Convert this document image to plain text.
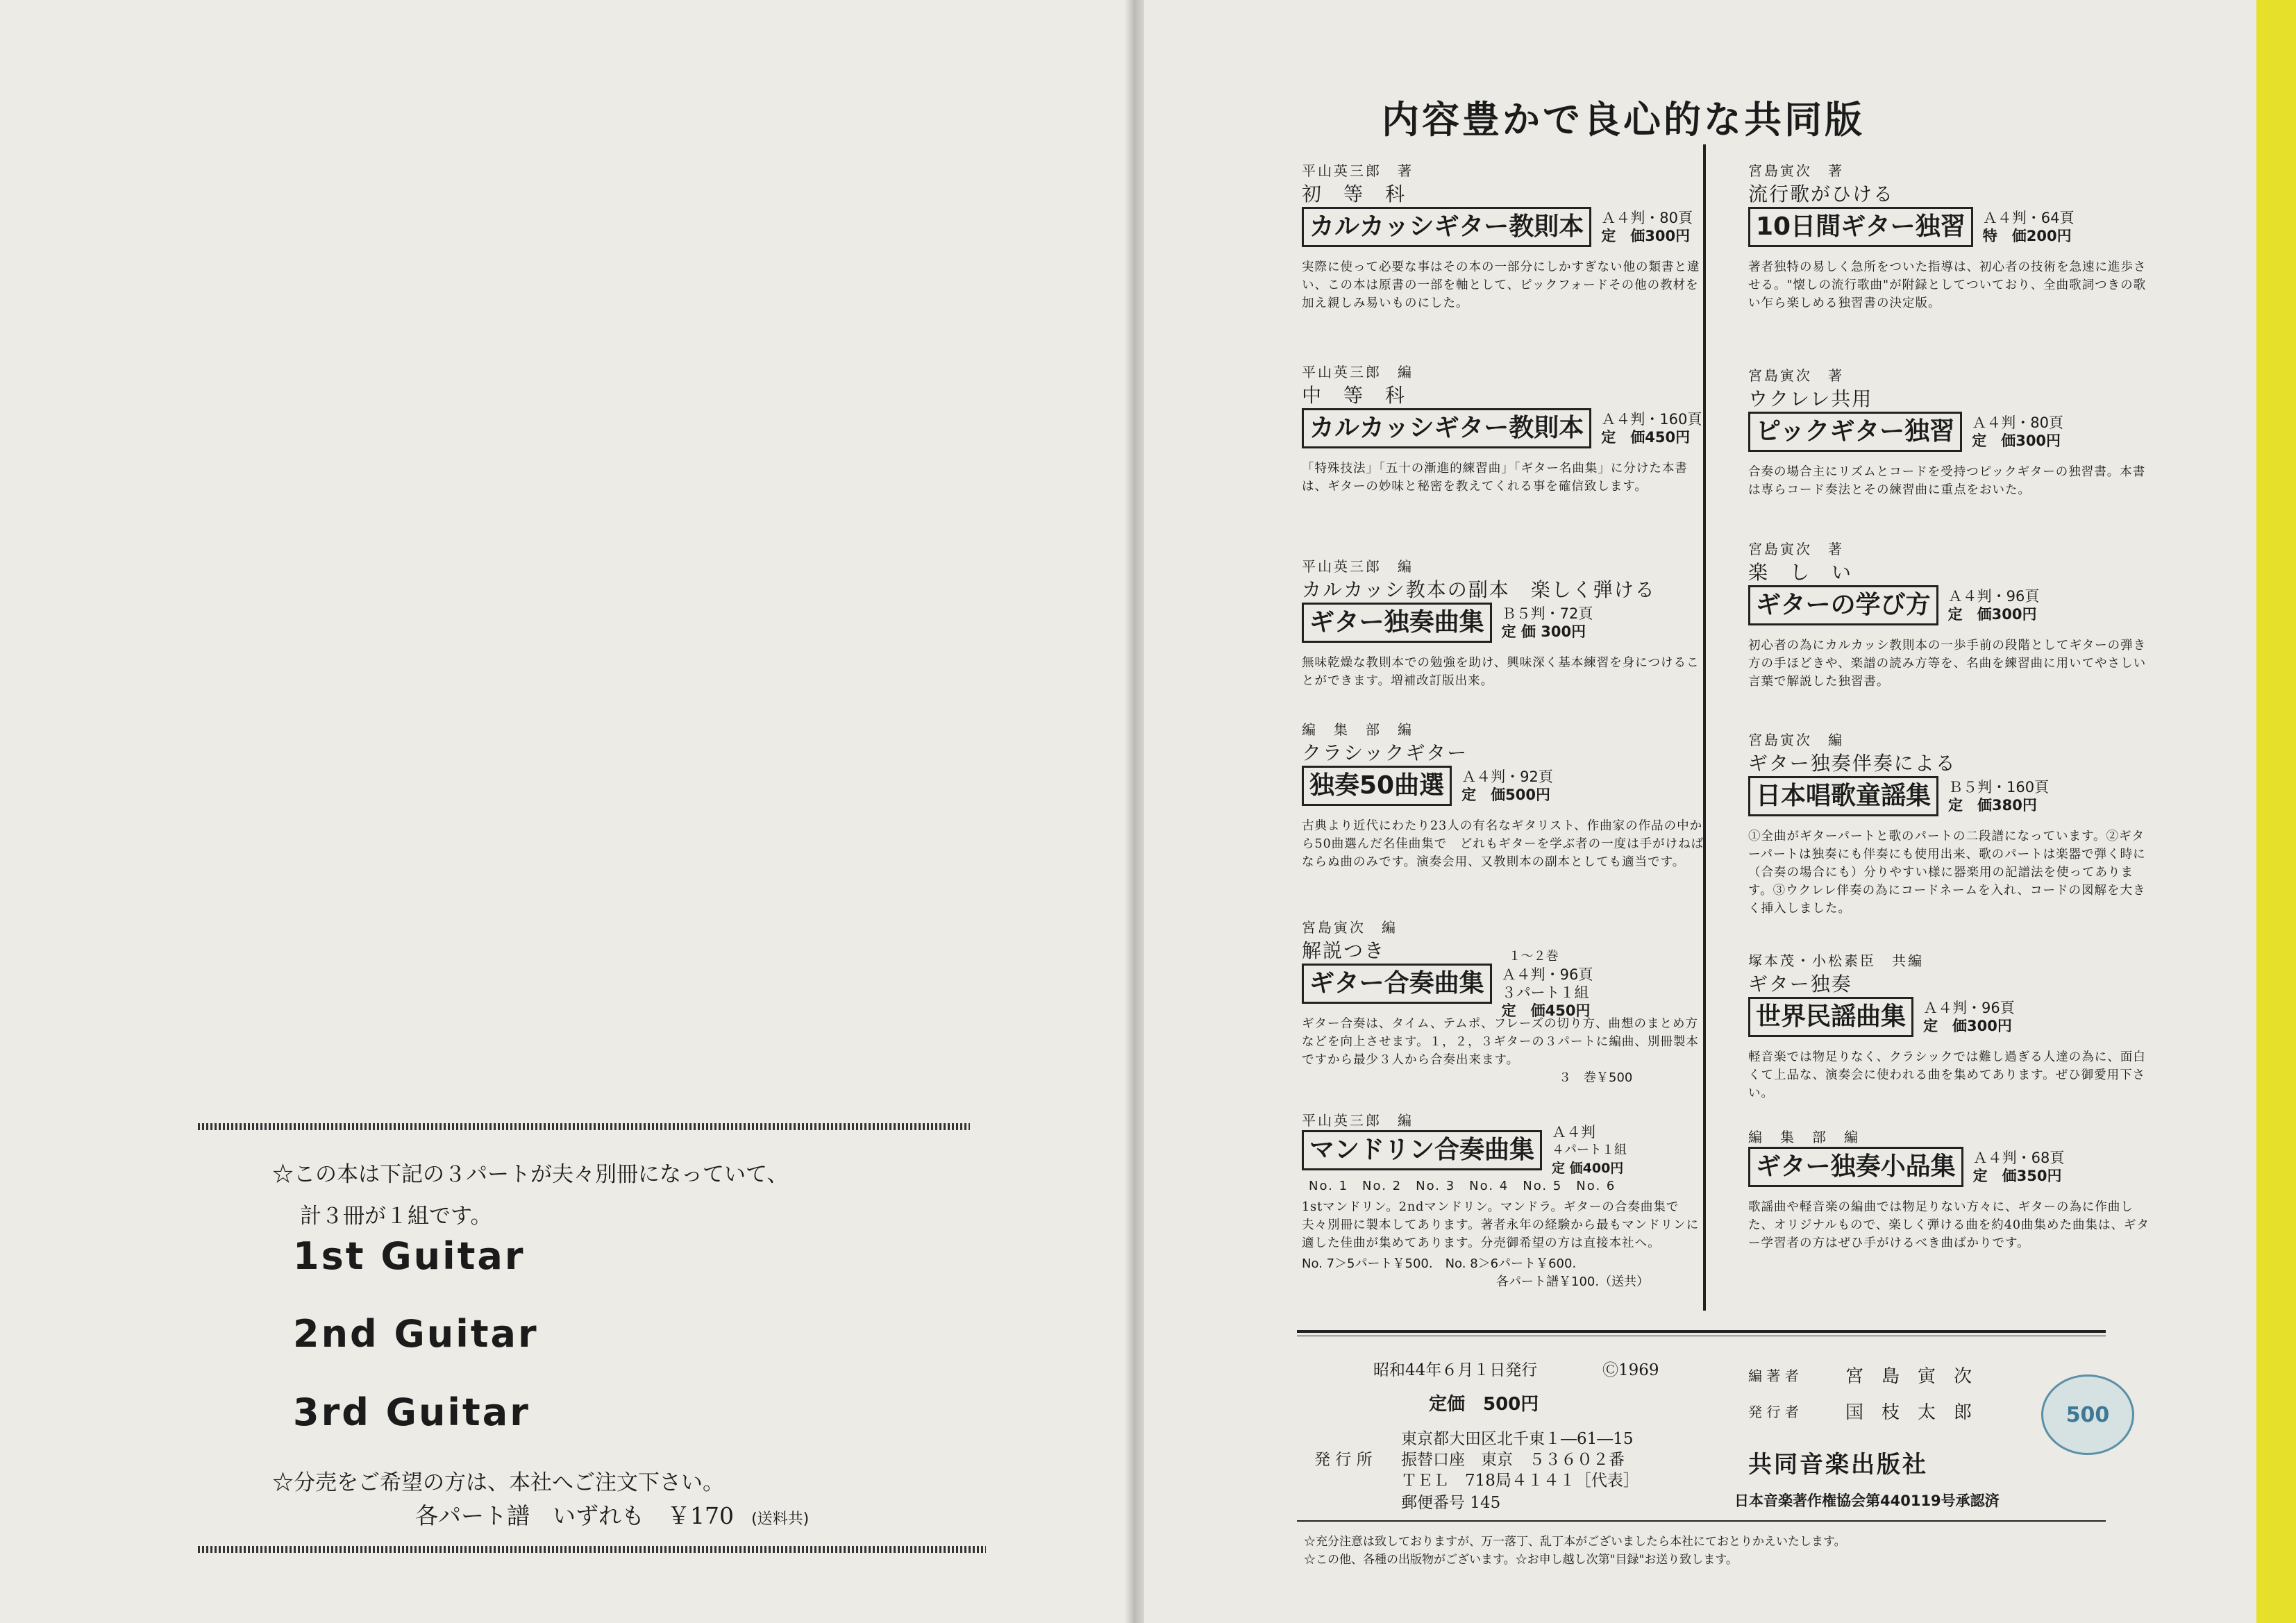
☆この本は下記の３パートが夫々別冊になっていて、
計３冊が１組です。
1st Guitar
2nd Guitar
3rd Guitar
☆分売をご希望の方は、本社へご注文下さい。
各パート譜　いずれも　￥170 (送料共)
内容豊かで良心的な共同版
平山英三郎　著
初　等　科
カルカッシギター教則本	Ａ４判・80頁
定　価300円
実際に使って必要な事はその本の一部分にしかすぎない他の類書と違い、この本は原書の一部を軸として、ピックフォードその他の教材を加え親しみ易いものにした。
平山英三郎　編
中　等　科
カルカッシギター教則本	Ａ４判・160頁
定　価450円
「特殊技法」「五十の漸進的練習曲」「ギター名曲集」に分けた本書は、ギターの妙味と秘密を教えてくれる事を確信致します。
平山英三郎　編
カルカッシ教本の副本　楽しく弾ける
ギター独奏曲集	Ｂ５判・72頁
定 価 300円
無味乾燥な教則本での勉強を助け、興味深く基本練習を身につけることができます。増補改訂版出来。
編　集　部　編
クラシックギター
独奏50曲選	Ａ４判・92頁
定　価500円
古典より近代にわたり23人の有名なギタリスト、作曲家の作品の中から50曲選んだ名佳曲集で　どれもギターを学ぶ者の一度は手がけねばならぬ曲のみです。演奏会用、又教則本の副本としても適当です。
宮島寅次　編
解説つき
ギター合奏曲集
１～２巻
Ａ４判・96頁
３パート１組
定　価450円
ギター合奏は、タイム、テムポ、フレーズの切り方、曲想のまとめ方などを向上させます。１，２，３ギターの３パートに編曲、別冊製本ですから最少３人から合奏出来ます。
３　巻￥500
平山英三郎　編
マンドリン合奏曲集
Ａ４判
４パート１組
定 価400円
No. 1　No. 2　No. 3　No. 4　No. 5　No. 6
1stマンドリン。2ndマンドリン。マンドラ。ギターの合奏曲集で夫々別冊に製本してあります。著者永年の経験から最もマンドリンに適した佳曲が集めてあります。分売御希望の方は直接本社へ。
No. 7＞5パート￥500.　No. 8＞6パート￥600.
各パート譜￥100.（送共）
宮島寅次　著
流行歌がひける
10日間ギター独習	Ａ４判・64頁
特　価200円
著者独特の易しく急所をついた指導は、初心者の技術を急速に進歩させる。"懐しの流行歌曲"が附録としてついており、全曲歌詞つきの歌い乍ら楽しめる独習書の決定版。
宮島寅次　著
ウクレレ共用
ピックギター独習	Ａ４判・80頁
定　価300円
合奏の場合主にリズムとコードを受持つピックギターの独習書。本書は専らコード奏法とその練習曲に重点をおいた。
宮島寅次　著
楽　し　い
ギターの学び方	Ａ４判・96頁
定　価300円
初心者の為にカルカッシ教則本の一歩手前の段階としてギターの弾き方の手ほどきや、楽譜の読み方等を、名曲を練習曲に用いてやさしい言葉で解説した独習書。
宮島寅次　編
ギター独奏伴奏による
日本唱歌童謡集	Ｂ５判・160頁
定　価380円
①全曲がギターパートと歌のパートの二段譜になっています。②ギターパートは独奏にも伴奏にも使用出来、歌のパートは楽器で弾く時に（合奏の場合にも）分りやすい様に器楽用の記譜法を使ってあります。③ウクレレ伴奏の為にコードネームを入れ、コードの図解を大きく挿入しました。
塚本茂・小松素臣　共編
ギター独奏
世界民謡曲集	Ａ４判・96頁
定　価300円
軽音楽では物足りなく、クラシックでは難し過ぎる人達の為に、面白くて上品な、演奏会に使われる曲を集めてあります。ぜひ御愛用下さい。
編　集　部　編
ギター独奏小品集	Ａ４判・68頁
定　価350円
歌謡曲や軽音楽の編曲では物足りない方々に、ギターの為に作曲した、オリジナルもので、楽しく弾ける曲を約40曲集めた曲集は、ギター学習者の方はぜひ手がけるべき曲ばかりです。
昭和44年６月１日発行	Ⓒ1969
定価　500円
東京都大田区北千東１―61―15
発 行 所 振替口座　東京　５３６０２番
ＴＥＬ　718局４１４１［代表］
郵便番号 145
編 著 者	宮　島　寅　次
発 行 者	国　枝　太　郎
共同音楽出版社
日本音楽著作権協会第440119号承認済
500
☆充分注意は致しておりますが、万一落丁、乱丁本がございましたら本社にておとりかえいたします。
☆この他、各種の出版物がございます。☆お申し越し次第"目録"お送り致します。
